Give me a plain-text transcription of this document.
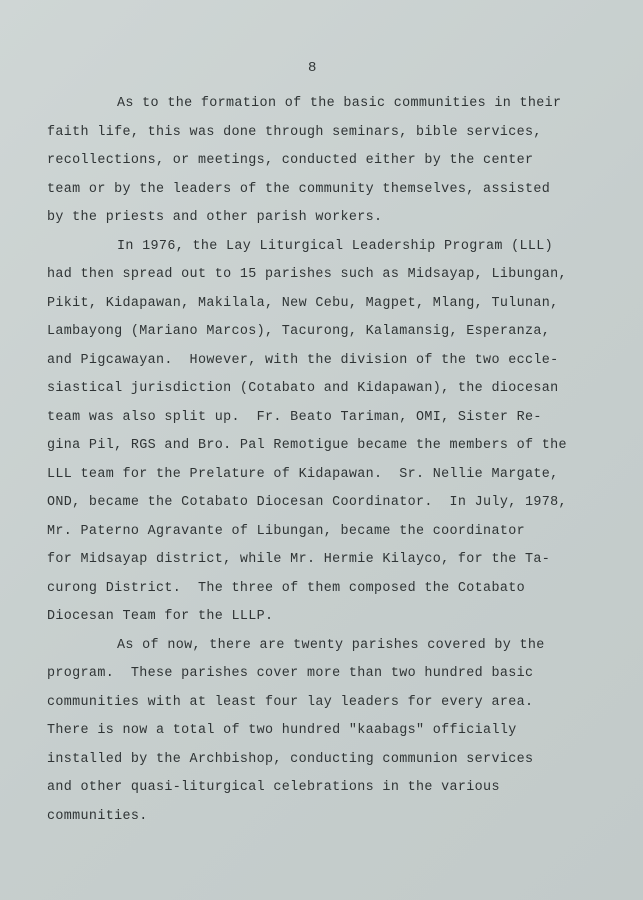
8
As to the formation of the basic communities in their
faith life, this was done through seminars, bible services,
recollections, or meetings, conducted either by the center
team or by the leaders of the community themselves, assisted
by the priests and other parish workers.
In 1976, the Lay Liturgical Leadership Program (LLL)
had then spread out to 15 parishes such as Midsayap, Libungan,
Pikit, Kidapawan, Makilala, New Cebu, Magpet, Mlang, Tulunan,
Lambayong (Mariano Marcos), Tacurong, Kalamansig, Esperanza,
and Pigcawayan.  However, with the division of the two eccle-
siastical jurisdiction (Cotabato and Kidapawan), the diocesan
team was also split up.  Fr. Beato Tariman, OMI, Sister Re-
gina Pil, RGS and Bro. Pal Remotigue became the members of the
LLL team for the Prelature of Kidapawan.  Sr. Nellie Margate,
OND, became the Cotabato Diocesan Coordinator.  In July, 1978,
Mr. Paterno Agravante of Libungan, became the coordinator
for Midsayap district, while Mr. Hermie Kilayco, for the Ta-
curong District.  The three of them composed the Cotabato
Diocesan Team for the LLLP.
As of now, there are twenty parishes covered by the
program.  These parishes cover more than two hundred basic
communities with at least four lay leaders for every area.
There is now a total of two hundred "kaabags" officially
installed by the Archbishop, conducting communion services
and other quasi-liturgical celebrations in the various
communities.
